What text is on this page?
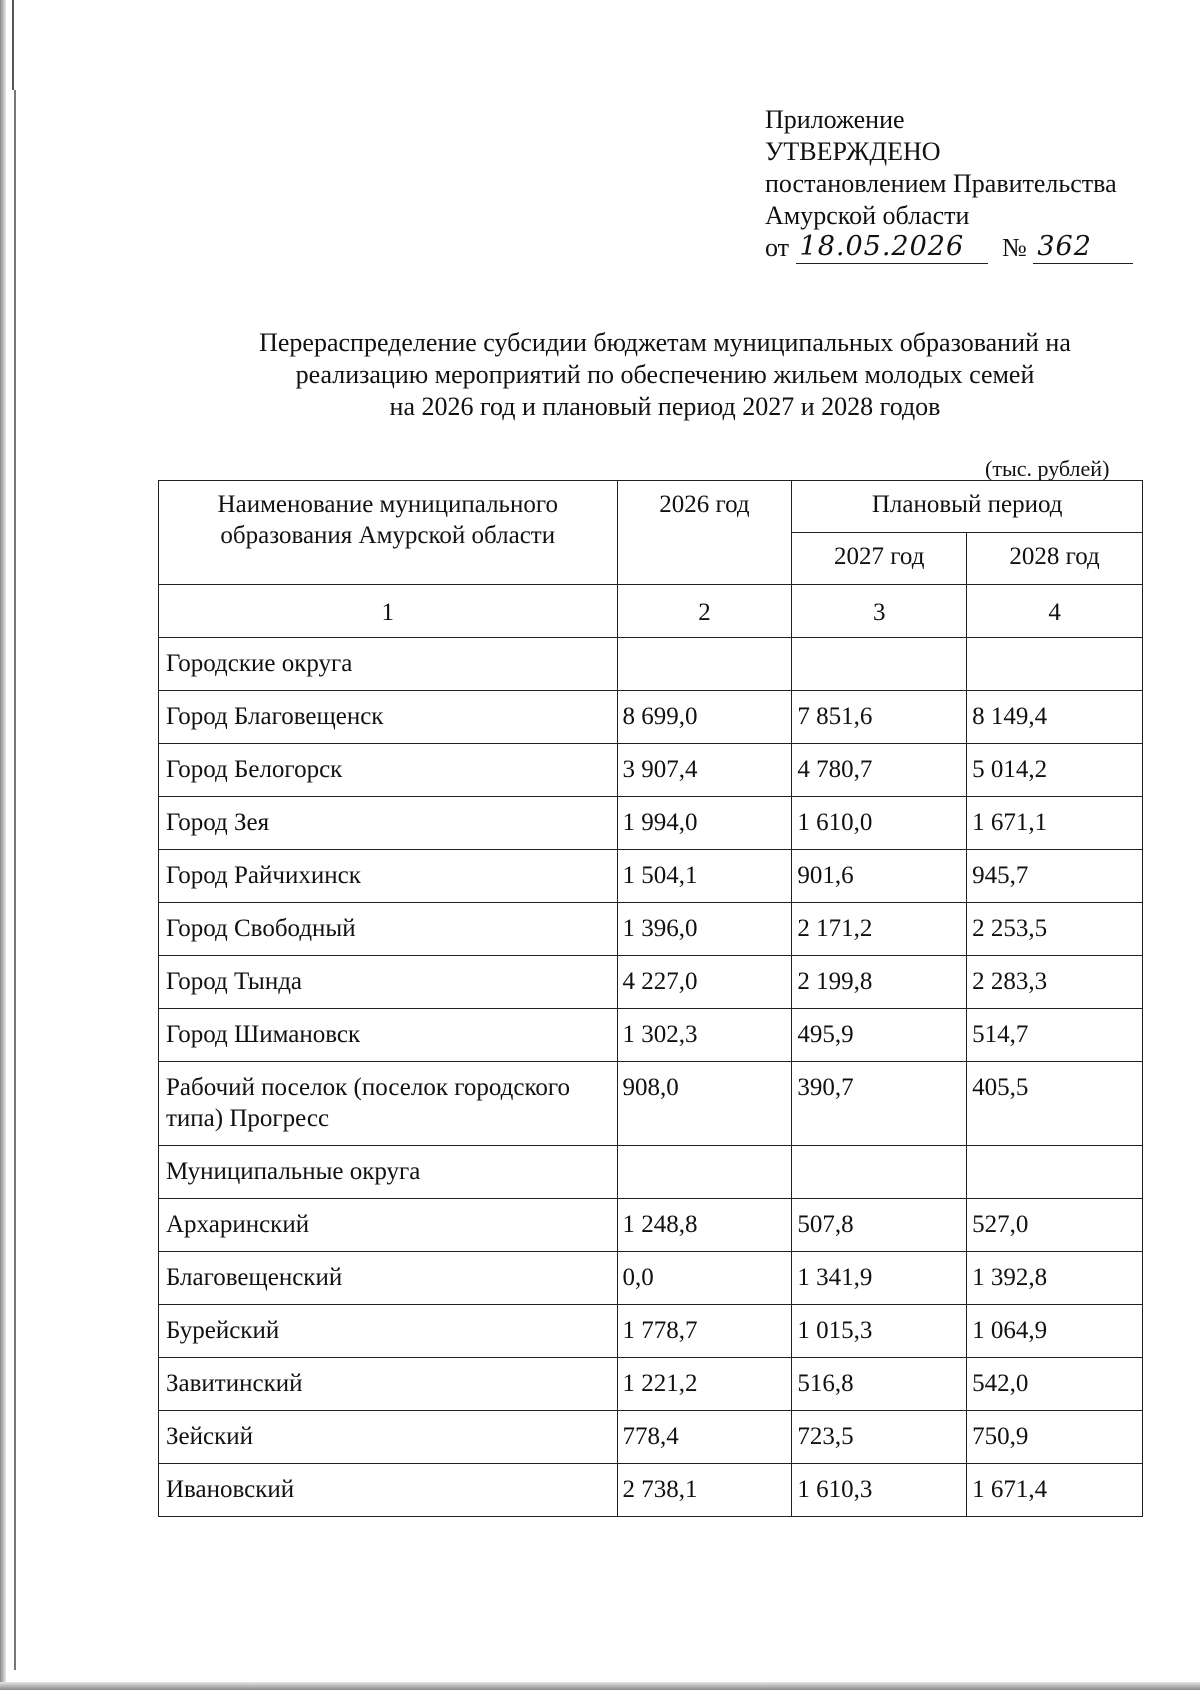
Приложение
УТВЕРЖДЕНО
постановлением Правительства
Амурской области
от 18.05.2026 № 362
Перераспределение субсидии бюджетам муниципальных образований на
реализацию мероприятий по обеспечению жильем молодых семей
на 2026 год и плановый период 2027 и 2028 годов
(тыс. рублей)
Наименование муниципального образования Амурской области	2026 год	Плановый период	
		2027 год	2028 год
1	2	3	4
Городские округа			
Город Благовещенск	8 699,0	7 851,6	8 149,4
Город Белогорск	3 907,4	4 780,7	5 014,2
Город Зея	1 994,0	1 610,0	1 671,1
Город Райчихинск	1 504,1	901,6	945,7
Город Свободный	1 396,0	2 171,2	2 253,5
Город Тында	4 227,0	2 199,8	2 283,3
Город Шимановск	1 302,3	495,9	514,7
Рабочий поселок (поселок городского типа) Прогресс	908,0	390,7	405,5
Муниципальные округа			
Архаринский	1 248,8	507,8	527,0
Благовещенский	0,0	1 341,9	1 392,8
Бурейский	1 778,7	1 015,3	1 064,9
Завитинский	1 221,2	516,8	542,0
Зейский	778,4	723,5	750,9
Ивановский	2 738,1	1 610,3	1 671,4
